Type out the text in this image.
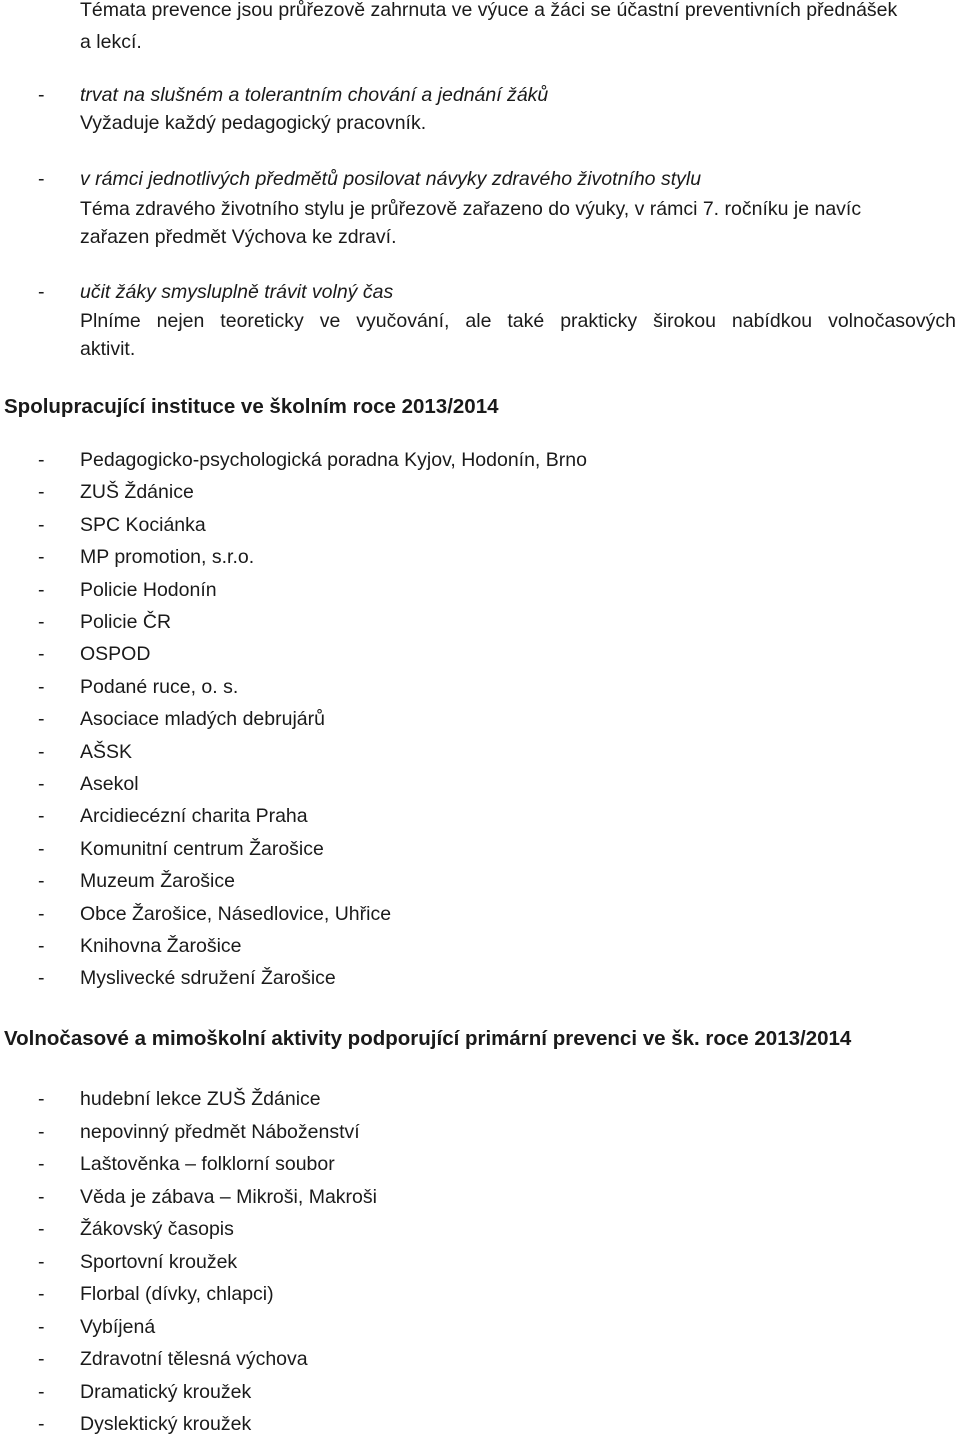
Témata prevence jsou průřezově zahrnuta ve výuce a žáci se účastní preventivních přednášek
a lekcí.
- trvat na slušném a tolerantním chování a jednání žáků
Vyžaduje každý pedagogický pracovník.
- v rámci jednotlivých předmětů posilovat návyky zdravého životního stylu
Téma zdravého životního stylu je průřezově zařazeno do výuky, v rámci 7. ročníku je navíc
zařazen předmět Výchova ke zdraví.
- učit žáky smysluplně trávit volný čas
Plníme nejen teoreticky ve vyučování, ale také prakticky širokou nabídkou volnočasových
aktivit.
Spolupracující instituce ve školním roce 2013/2014
- Pedagogicko-psychologická poradna Kyjov, Hodonín, Brno
- ZUŠ Ždánice
- SPC Kociánka
- MP promotion, s.r.o.
- Policie Hodonín
- Policie ČR
- OSPOD
- Podané ruce, o. s.
- Asociace mladých debrujárů
- AŠSK
- Asekol
- Arcidiecézní charita Praha
- Komunitní centrum Žarošice
- Muzeum Žarošice
- Obce Žarošice, Násedlovice, Uhřice
- Knihovna Žarošice
- Myslivecké sdružení Žarošice
Volnočasové a mimoškolní aktivity podporující primární prevenci ve šk. roce 2013/2014
- hudební lekce ZUŠ Ždánice
- nepovinný předmět Náboženství
- Laštověnka – folklorní soubor
- Věda je zábava – Mikroši, Makroši
- Žákovský časopis
- Sportovní kroužek
- Florbal (dívky, chlapci)
- Vybíjená
- Zdravotní tělesná výchova
- Dramatický kroužek
- Dyslektický kroužek
